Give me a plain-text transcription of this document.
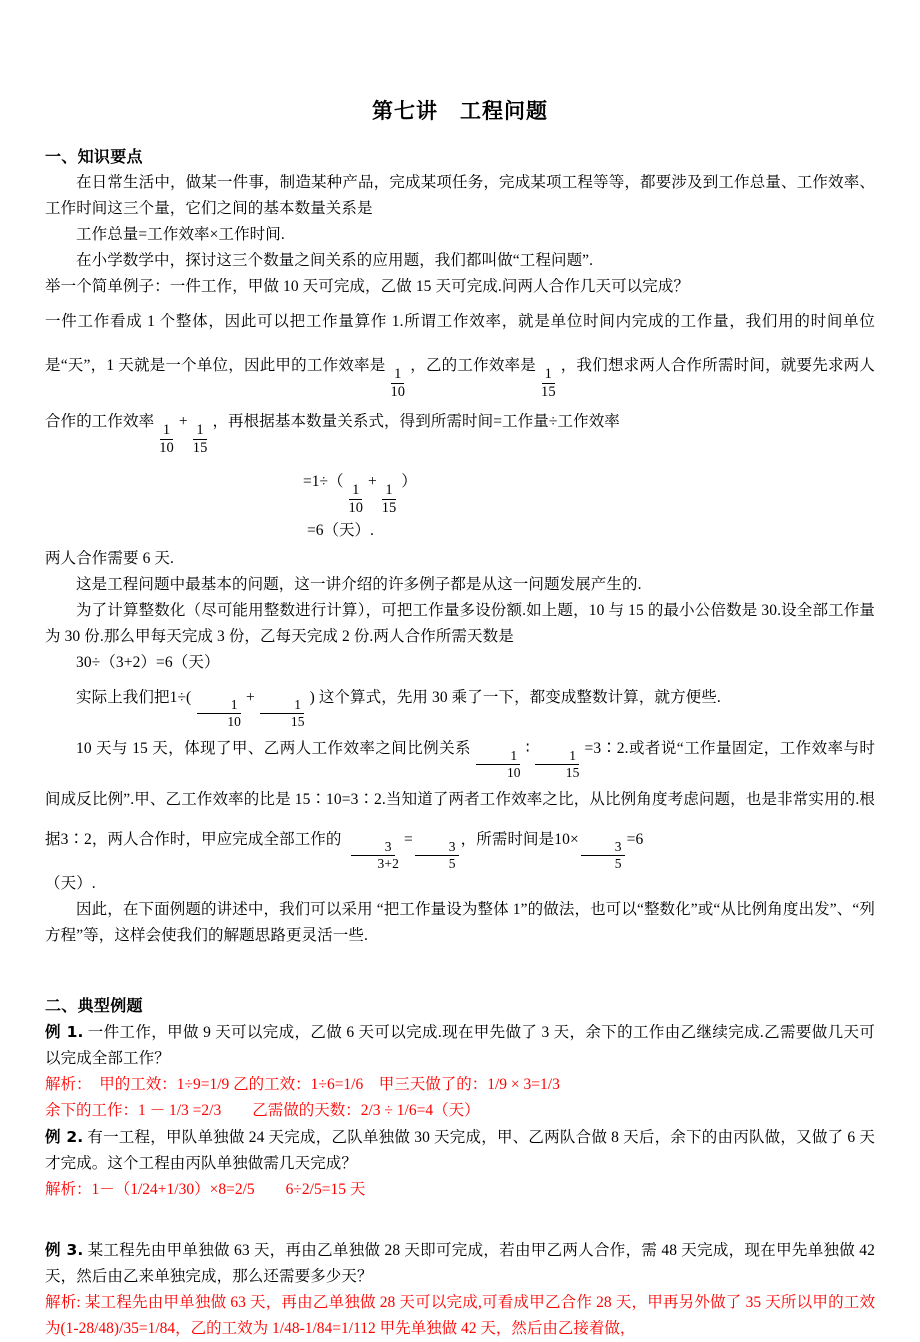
第七讲　工程问题
一、知识要点

在日常生活中，做某一件事，制造某种产品，完成某项任务，完成某项工程等等，都要涉及到工作总量、工作效率、工作时间这三个量，它们之间的基本数量关系是

工作总量=工作效率×工作时间.

在小学数学中，探讨这三个数量之间关系的应用题，我们都叫做“工程问题”.

举一个简单例子：一件工作，甲做 10 天可完成，乙做 15 天可完成.问两人合作几天可以完成？

一件工作看成 1 个整体，因此可以把工作量算作 1.所谓工作效率，就是单位时间内完成的工作量，我们用的时间单位是“天”，1 天就是一个单位，因此甲的工作效率是
$\frac{1}{10}$
，乙的工作效率是
$\frac{1}{15}$
，我们想求两人合作所需时间，就要先求两人合作的工作效率
$\frac{1}{10}$
+
$\frac{1}{15}$
，再根据基本数量关系式，得到所需时间=工作量÷工作效率

=1÷（
$\frac{1}{10}$
+
$\frac{1}{15}$
）
=6（天）.

两人合作需要 6 天.

这是工程问题中最基本的问题，这一讲介绍的许多例子都是从这一问题发展产生的.

为了计算整数化（尽可能用整数进行计算），可把工作量多设份额.如上题，10 与 15 的最小公倍数是 30.设全部工作量为 30 份.那么甲每天完成 3 份，乙每天完成 2 份.两人合作所需天数是

30÷（3+2）=6（天）

实际上我们把1÷(
$\frac{1}{10}$
+
$\frac{1}{15}$
) 这个算式，先用 30 乘了一下，都变成整数计算，就方便些.

10 天与 15 天，体现了甲、乙两人工作效率之间比例关系
$\frac{1}{10}$
∶
$\frac{1}{15}$
=3∶2.或者说“工作量固定，工作效率与时间成反比例”.甲、乙工作效率的比是 15∶10=3∶2.当知道了两者工作效率之比，从比例角度考虑问题，也是非常实用的.根据3∶2，两人合作时，甲应完成全部工作的
$\frac{3}{3+2}$
=
$\frac{3}{5}$
，所需时间是10×
$\frac{3}{5}$
=6

（天）.

因此，在下面例题的讲述中，我们可以采用 “把工作量设为整体 1”的做法，也可以“整数化”或“从比例角度出发”、“列方程”等，这样会使我们的解题思路更灵活一些.

二、典型例题

例 1. 一件工作，甲做 9 天可以完成，乙做 6 天可以完成.现在甲先做了 3 天，余下的工作由乙继续完成.乙需要做几天可以完成全部工作？

解析：　甲的工效：1÷9=1/9 乙的工效：1÷6=1/6　甲三天做了的：1/9 × 3=1/3

余下的工作：1 － 1/3 =2/3　　乙需做的天数：2/3 ÷ 1/6=4（天）

例 2. 有一工程，甲队单独做 24 天完成，乙队单独做 30 天完成，甲、乙两队合做 8 天后，余下的由丙队做，又做了 6 天才完成。这个工程由丙队单独做需几天完成？

解析：1－（1/24+1/30）×8=2/5　　6÷2/5=15 天

例 3. 某工程先由甲单独做 63 天，再由乙单独做 28 天即可完成，若由甲乙两人合作，需 48 天完成，现在甲先单独做 42 天，然后由乙来单独完成，那么还需要多少天？

解析: 某工程先由甲单独做 63 天，再由乙单独做 28 天可以完成,可看成甲乙合作 28 天，甲再另外做了 35 天所以甲的工效为(1-28/48)/35=1/84，乙的工效为 1/48-1/84=1/112 甲先单独做 42 天，然后由乙接着做，
